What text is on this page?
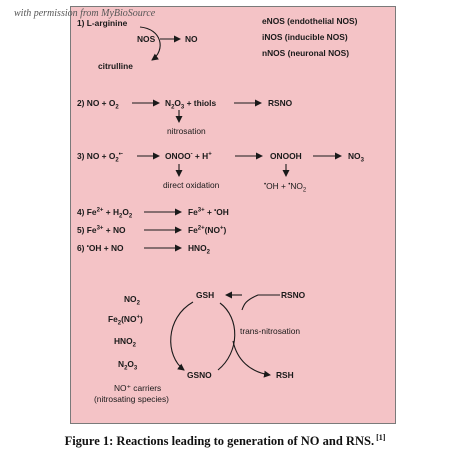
with permission from MyBioSource
1) L-arginine
NOS	NO
citrulline
eNOS (endothelial NOS)
iNOS (inducible NOS)
nNOS (neuronal NOS)
2) NO + $O_2$	$N_2O_3$ + thiols	RSNO
nitrosation
3) NO + $O_2^{•-}$	ONOO- + H+	ONOOH	$NO_3$
direct oxidation	$^•OH + ^•NO_2$
4) $Fe^{2+} + H_2O_2$	$Fe^{3+} + ^•OH$
5) $Fe^{3+}$ + NO	$Fe^{2+}(NO^+)$
6) •OH + NO	$HNO_2$
GSH	RSNO
GSNO	RSH
trans-nitrosation
$NO_2$
$Fe_2(NO^+)$
$HNO_2$
$N_2O_3$
NO⁺ carriers
(nitrosating species)
Figure 1: Reactions leading to generation of NO and RNS. [1]
